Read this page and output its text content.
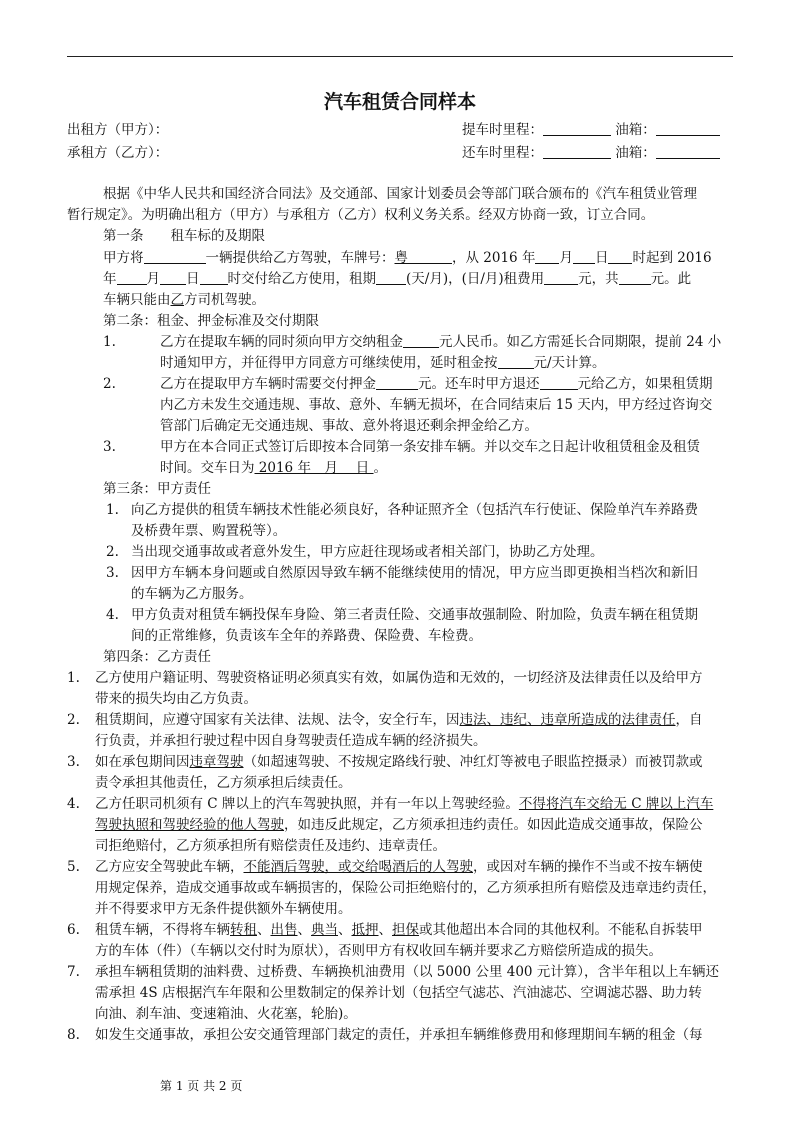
汽车租赁合同样本
出租方（甲方）：
承租方（乙方）：
提车时里程：	油箱：
还车时里程：	油箱：
根据《中华人民共和国经济合同法》及交通部、国家计划委员会等部门联合颁布的《汽车租赁业管理
暂行规定》。为明确出租方（甲方）与承租方（乙方）权利义务关系。经双方协商一致，订立合同。
第一条　　租车标的及期限
甲方将	一辆提供给乙方驾驶，车牌号：粤	，从 2016 年 月 日 时起到 2016
年 月 日 时交付给乙方使用，租期 (天/月)，(日/月)租费用	元，共 元。此
车辆只能由乙方司机驾驶。
第二条：租金、押金标准及交付期限
1.	乙方在提取车辆的同时须向甲方交纳租金	元人民币。如乙方需延长合同期限，提前 24 小
时通知甲方，并征得甲方同意方可继续使用，延时租金按	元/天计算。
2.	乙方在提取甲方车辆时需要交付押金	元。还车时甲方退还	元给乙方，如果租赁期
内乙方未发生交通违规、事故、意外、车辆无损坏，在合同结束后 15 天内，甲方经过咨询交
管部门后确定无交通违规、事故、意外将退还剩余押金给乙方。
3.	甲方在本合同正式签订后即按本合同第一条安排车辆。并以交车之日起计收租赁租金及租赁
时间。交车日为 2016 年　月　 日 。
第三条：甲方责任
1. 向乙方提供的租赁车辆技术性能必须良好，各种证照齐全（包括汽车行使证、保险单汽车养路费
及桥费年票、购置税等）。
2. 当出现交通事故或者意外发生，甲方应赶往现场或者相关部门，协助乙方处理。
3. 因甲方车辆本身问题或自然原因导致车辆不能继续使用的情况，甲方应当即更换相当档次和新旧
的车辆为乙方服务。
4. 甲方负责对租赁车辆投保车身险、第三者责任险、交通事故强制险、附加险，负责车辆在租赁期
间的正常维修，负责该车全年的养路费、保险费、车检费。
第四条：乙方责任
1. 乙方使用户籍证明、驾驶资格证明必须真实有效，如属伪造和无效的，一切经济及法律责任以及给甲方
带来的损失均由乙方负责。
2. 租赁期间，应遵守国家有关法律、法规、法令，安全行车，因违法、违纪、违章所造成的法律责任，自
行负责，并承担行驶过程中因自身驾驶责任造成车辆的经济损失。
3. 如在承包期间因违章驾驶（如超速驾驶、不按规定路线行驶、冲红灯等被电子眼监控摄录）而被罚款或
责令承担其他责任，乙方须承担后续责任。
4. 乙方任职司机须有 C 牌以上的汽车驾驶执照，并有一年以上驾驶经验。不得将汽车交给无 C 牌以上汽车
驾驶执照和驾驶经验的他人驾驶，如违反此规定，乙方须承担违约责任。如因此造成交通事故，保险公
司拒绝赔付，乙方须承担所有赔偿责任及违约、违章责任。
5. 乙方应安全驾驶此车辆，不能酒后驾驶，或交给喝酒后的人驾驶，或因对车辆的操作不当或不按车辆使
用规定保养，造成交通事故或车辆损害的，保险公司拒绝赔付的，乙方须承担所有赔偿及违章违约责任，
并不得要求甲方无条件提供额外车辆使用。
6. 租赁车辆，不得将车辆转租、出售、典当、抵押、担保或其他超出本合同的其他权利。不能私自拆装甲
方的车体（件）（车辆以交付时为原状），否则甲方有权收回车辆并要求乙方赔偿所造成的损失。
7. 承担车辆租赁期的油料费、过桥费、车辆换机油费用（以 5000 公里 400 元计算），含半年租以上车辆还
需承担 4S 店根据汽车年限和公里数制定的保养计划（包括空气滤芯、汽油滤芯、空调滤芯器、助力转
向油、刹车油、变速箱油、火花塞，轮胎)。
8. 如发生交通事故，承担公安交通管理部门裁定的责任，并承担车辆维修费用和修理期间车辆的租金（每
第 1 页 共 2 页
